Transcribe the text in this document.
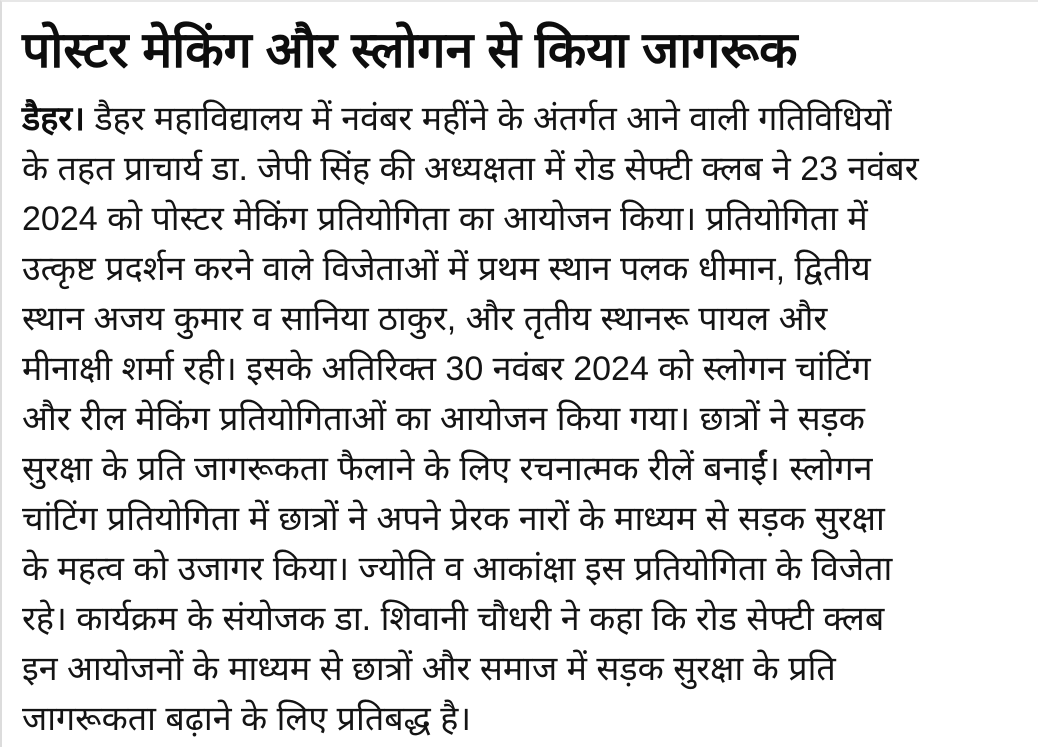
पोस्टर मेकिंग और स्लोगन से किया जागरूक
डैहर। डैहर महाविद्यालय में नवंबर महींने के अंतर्गत आने वाली गतिविधियों
के तहत प्राचार्य डा. जेपी सिंह की अध्यक्षता में रोड सेफ्टी क्लब ने 23 नवंबर
2024 को पोस्टर मेकिंग प्रतियोगिता का आयोजन किया। प्रतियोगिता में
उत्कृष्ट प्रदर्शन करने वाले विजेताओं में प्रथम स्थान पलक धीमान, द्वितीय
स्थान अजय कुमार व सानिया ठाकुर, और तृतीय स्थानरू पायल और
मीनाक्षी शर्मा रही। इसके अतिरिक्त 30 नवंबर 2024 को स्लोगन चांटिंग
और रील मेकिंग प्रतियोगिताओं का आयोजन किया गया। छात्रों ने सड़क
सुरक्षा के प्रति जागरूकता फैलाने के लिए रचनात्मक रीलें बनाईं। स्लोगन
चांटिंग प्रतियोगिता में छात्रों ने अपने प्रेरक नारों के माध्यम से सड़क सुरक्षा
के महत्व को उजागर किया। ज्योति व आकांक्षा इस प्रतियोगिता के विजेता
रहे। कार्यक्रम के संयोजक डा. शिवानी चौधरी ने कहा कि रोड सेफ्टी क्लब
इन आयोजनों के माध्यम से छात्रों और समाज में सड़क सुरक्षा के प्रति
जागरूकता बढ़ाने के लिए प्रतिबद्ध है।
